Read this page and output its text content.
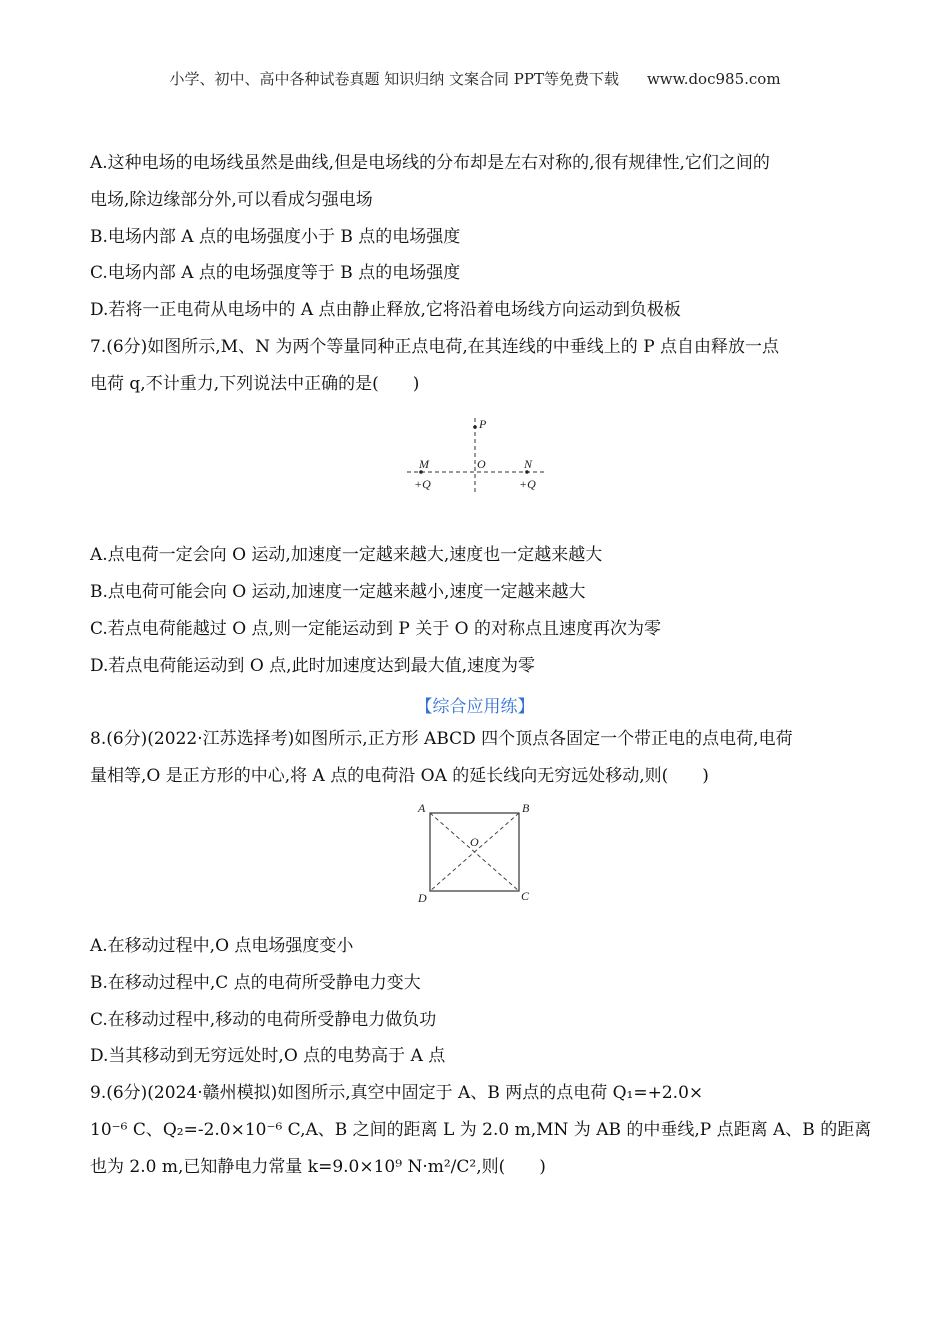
小学、初中、高中各种试卷真题 知识归纳 文案合同 PPT等免费下载 www.doc985.com
A.这种电场的电场线虽然是曲线,但是电场线的分布却是左右对称的,很有规律性,它们之间的
电场,除边缘部分外,可以看成匀强电场
B.电场内部 A 点的电场强度小于 B 点的电场强度
C.电场内部 A 点的电场强度等于 B 点的电场强度
D.若将一正电荷从电场中的 A 点由静止释放,它将沿着电场线方向运动到负极板
7.(6分)如图所示,M、N 为两个等量同种正点电荷,在其连线的中垂线上的 P 点自由释放一点
电荷 q,不计重力,下列说法中正确的是(　　)
P
M	O	N
+Q	+Q
A.点电荷一定会向 O 运动,加速度一定越来越大,速度也一定越来越大
B.点电荷可能会向 O 运动,加速度一定越来越小,速度一定越来越大
C.若点电荷能越过 O 点,则一定能运动到 P 关于 O 的对称点且速度再次为零
D.若点电荷能运动到 O 点,此时加速度达到最大值,速度为零
【综合应用练】
8.(6分)(2022·江苏选择考)如图所示,正方形 ABCD 四个顶点各固定一个带正电的点电荷,电荷
量相等,O 是正方形的中心,将 A 点的电荷沿 OA 的延长线向无穷远处移动,则(　　)
A	B
C
D
O
A.在移动过程中,O 点电场强度变小
B.在移动过程中,C 点的电荷所受静电力变大
C.在移动过程中,移动的电荷所受静电力做负功
D.当其移动到无穷远处时,O 点的电势高于 A 点
9.(6分)(2024·赣州模拟)如图所示,真空中固定于 A、B 两点的点电荷 Q₁=+2.0×
10⁻⁶ C、Q₂=-2.0×10⁻⁶ C,A、B 之间的距离 L 为 2.0 m,MN 为 AB 的中垂线,P 点距离 A、B 的距离
也为 2.0 m,已知静电力常量 k=9.0×10⁹ N·m²/C²,则(　　)
